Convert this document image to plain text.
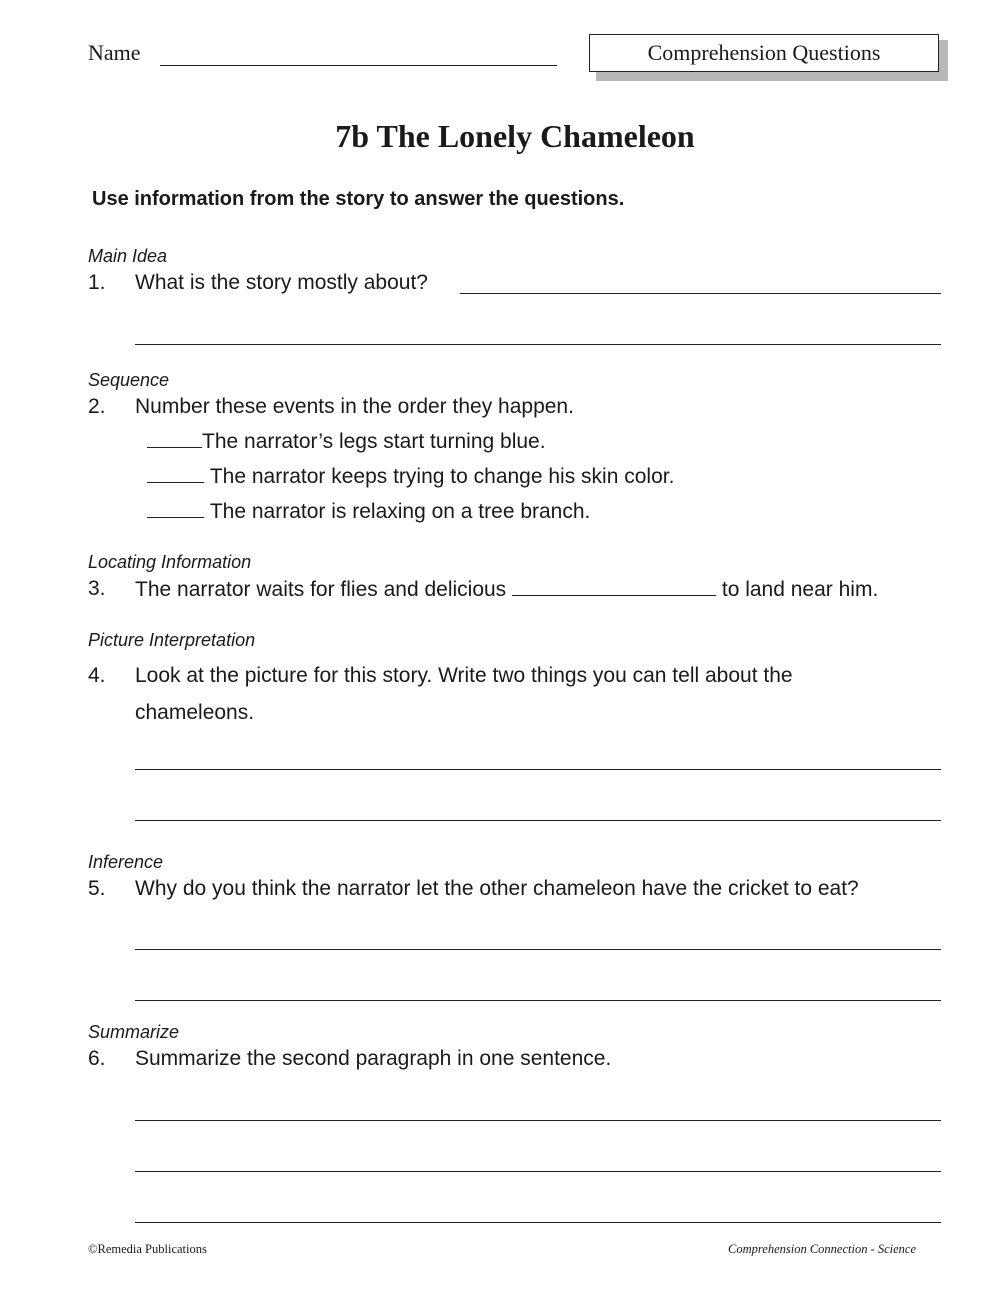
Name	Comprehension Questions
7b The Lonely Chameleon
Use information from the story to answer the questions.
Main Idea
1. What is the story mostly about?
Sequence
2. Number these events in the order they happen.
The narrator’s legs start turning blue.
The narrator keeps trying to change his skin color.
The narrator is relaxing on a tree branch.
Locating Information
3. The narrator waits for flies and delicious	to land near him.
Picture Interpretation
4. Look at the picture for this story. Write two things you can tell about the
chameleons.
Inference
5. Why do you think the narrator let the other chameleon have the cricket to eat?
Summarize
6. Summarize the second paragraph in one sentence.
©Remedia Publications	Comprehension Connection - Science
